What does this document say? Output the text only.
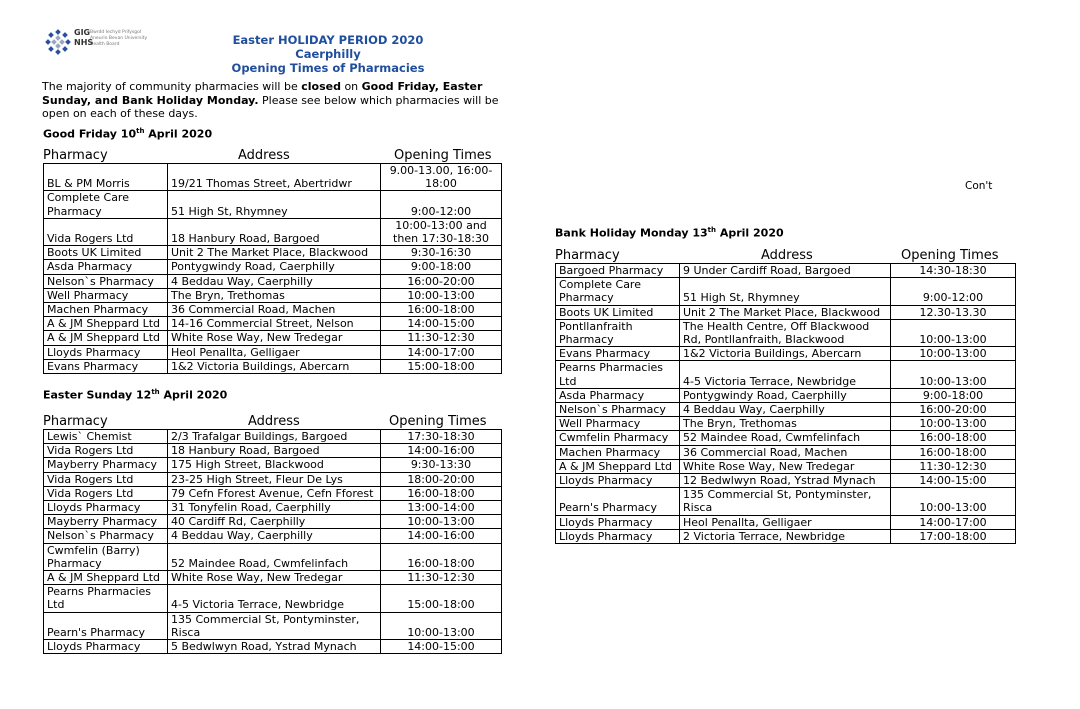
GIG
NHS
Bwrdd Iechyd Prifysgol Aneurin Bevan University Health Board	Easter HOLIDAY PERIOD 2020
Caerphilly
Opening Times of Pharmacies
The majority of community pharmacies will be closed on Good Friday, Easter Sunday, and Bank Holiday Monday. Please see below which pharmacies will be open on each of these days.
Good Friday 10th April 2020
Easter Sunday 12th April 2020
Bank Holiday Monday 13th April 2020
Con't
Pharmacy	Address	Opening Times
BL & PM Morris	19/21 Thomas Street, Abertridwr	9.00-13.00, 16:00-18:00
Complete Care Pharmacy	51 High St, Rhymney	9:00-12:00
Vida Rogers Ltd	18 Hanbury Road, Bargoed	10:00-13:00 and then 17:30-18:30
Boots UK Limited	Unit 2 The Market Place, Blackwood	9:30-16:30
Asda Pharmacy	Pontygwindy Road, Caerphilly	9:00-18:00
Nelson`s Pharmacy	4 Beddau Way, Caerphilly	16:00-20:00
Well Pharmacy	The Bryn, Trethomas	10:00-13:00
Machen Pharmacy	36 Commercial Road, Machen	16:00-18:00
A & JM Sheppard Ltd	14-16 Commercial Street, Nelson	14:00-15:00
A & JM Sheppard Ltd	White Rose Way, New Tredegar	11:30-12:30
Lloyds Pharmacy	Heol Penallta, Gelligaer	14:00-17:00
Evans Pharmacy	1&2 Victoria Buildings, Abercarn	15:00-18:00
Pharmacy	Address	Opening Times
Lewis` Chemist	2/3 Trafalgar Buildings, Bargoed	17:30-18:30
Vida Rogers Ltd	18 Hanbury Road, Bargoed	14:00-16:00
Mayberry Pharmacy	175 High Street, Blackwood	9:30-13:30
Vida Rogers Ltd	23-25 High Street, Fleur De Lys	18:00-20:00
Vida Rogers Ltd	79 Cefn Fforest Avenue, Cefn Fforest	16:00-18:00
Lloyds Pharmacy	31 Tonyfelin Road, Caerphilly	13:00-14:00
Mayberry Pharmacy	40 Cardiff Rd, Caerphilly	10:00-13:00
Nelson`s Pharmacy	4 Beddau Way, Caerphilly	14:00-16:00
Cwmfelin (Barry) Pharmacy	52 Maindee Road, Cwmfelinfach	16:00-18:00
A & JM Sheppard Ltd	White Rose Way, New Tredegar	11:30-12:30
Pearns Pharmacies Ltd	4-5 Victoria Terrace, Newbridge	15:00-18:00
Pearn's Pharmacy	135 Commercial St, Pontyminster, Risca	10:00-13:00
Lloyds Pharmacy	5 Bedwlwyn Road, Ystrad Mynach	14:00-15:00
Pharmacy	Address	Opening Times
Bargoed Pharmacy	9 Under Cardiff Road, Bargoed	14:30-18:30
Complete Care Pharmacy	51 High St, Rhymney	9:00-12:00
Boots UK Limited	Unit 2 The Market Place, Blackwood	12.30-13.30
Pontllanfraith Pharmacy	The Health Centre, Off Blackwood Rd, Pontllanfraith, Blackwood	10:00-13:00
Evans Pharmacy	1&2 Victoria Buildings, Abercarn	10:00-13:00
Pearns Pharmacies Ltd	4-5 Victoria Terrace, Newbridge	10:00-13:00
Asda Pharmacy	Pontygwindy Road, Caerphilly	9:00-18:00
Nelson`s Pharmacy	4 Beddau Way, Caerphilly	16:00-20:00
Well Pharmacy	The Bryn, Trethomas	10:00-13:00
Cwmfelin Pharmacy	52 Maindee Road, Cwmfelinfach	16:00-18:00
Machen Pharmacy	36 Commercial Road, Machen	16:00-18:00
A & JM Sheppard Ltd	White Rose Way, New Tredegar	11:30-12:30
Lloyds Pharmacy	12 Bedwlwyn Road, Ystrad Mynach	14:00-15:00
Pearn's Pharmacy	135 Commercial St, Pontyminster, Risca	10:00-13:00
Lloyds Pharmacy	Heol Penallta, Gelligaer	14:00-17:00
Lloyds Pharmacy	2 Victoria Terrace, Newbridge	17:00-18:00
